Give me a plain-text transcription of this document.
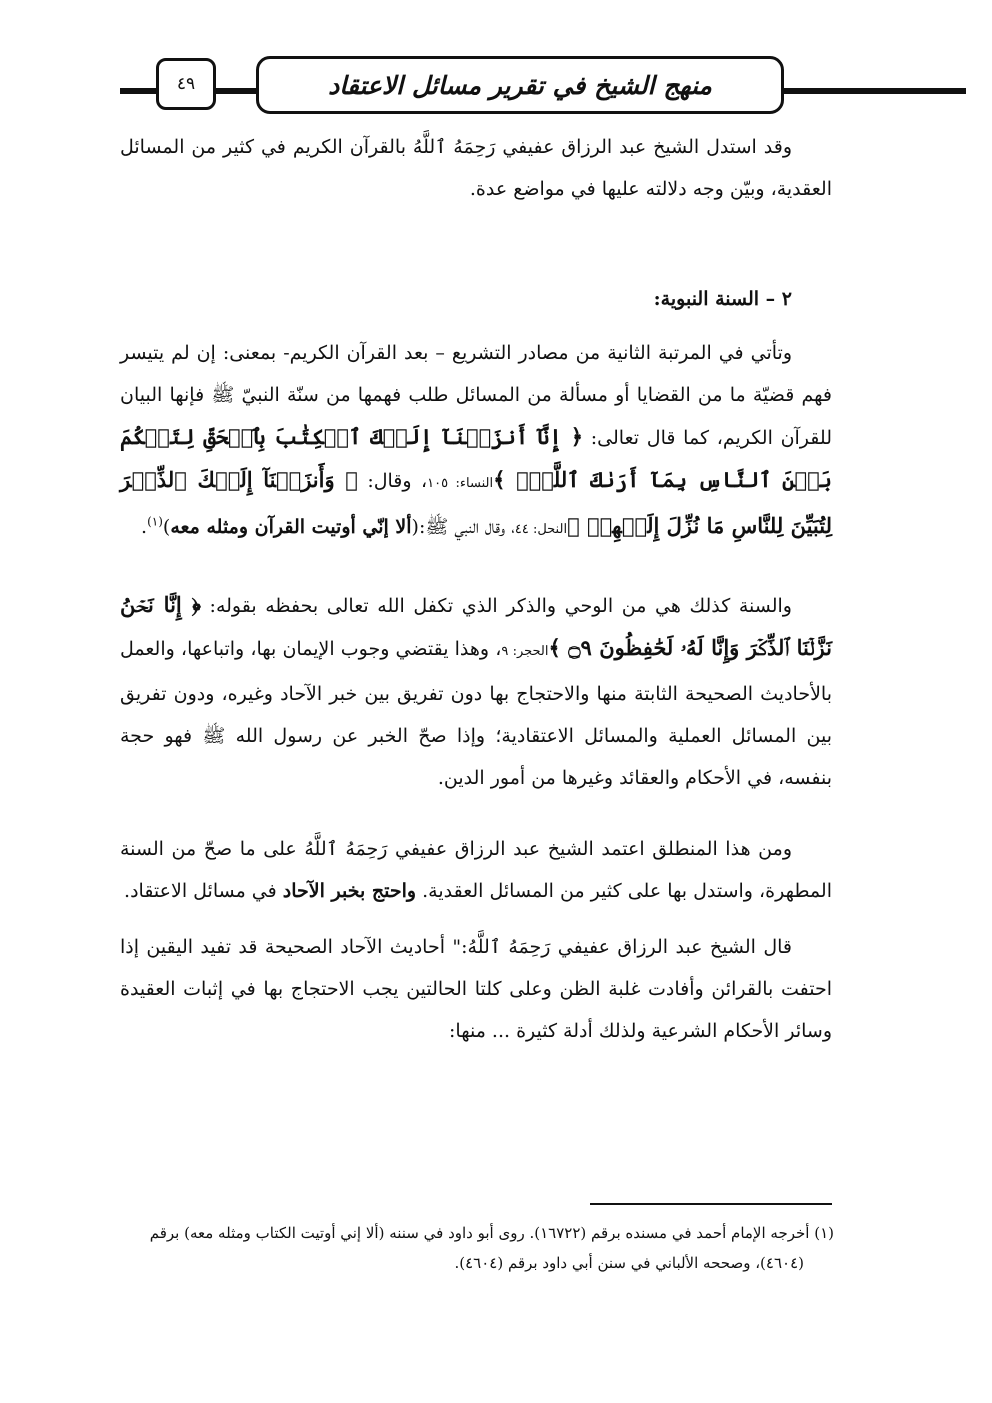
٤٩	منهج الشيخ في تقرير مسائل الاعتقاد

وقد استدل الشيخ عبد الرزاق عفيفي رَحِمَهُ ٱللَّهُ بالقرآن الكريم في كثير من المسائل العقدية، وبيّن وجه دلالته عليها في مواضع عدة.

٢ – السنة النبوية:

وتأتي في المرتبة الثانية من مصادر التشريع – بعد القرآن الكريم- بمعنى: إن لم يتيسر فهم قضيّة ما من القضايا أو مسألة من المسائل طلب فهمها من سنّة النبيّ ﷺ فإنها البيان للقرآن الكريم، كما قال تعالى: ﴿ إِنَّآ أَنزَلۡنَآ إِلَيۡكَ ٱلۡكِتَٰبَ بِٱلۡحَقِّ لِتَحۡكُمَ بَيۡنَ ٱلنَّاسِ بِمَآ أَرَىٰكَ ٱللَّهُۚ ﴾النساء: ١٠٥، وقال: ﴿ وَأَنزَلۡنَآ إِلَيۡكَ ٱلذِّكۡرَ لِتُبَيِّنَ لِلنَّاسِ مَا نُزِّلَ إِلَيۡهِمۡ ﴾النحل: ٤٤، وقال النبي ﷺ:(ألا إنّي أوتيت القرآن ومثله معه)$^{(١)}$.

والسنة كذلك هي من الوحي والذكر الذي تكفل الله تعالى بحفظه بقوله: ﴿ إِنَّا نَحۡنُ نَزَّلۡنَا ٱلذِّكۡرَ وَإِنَّا لَهُۥ لَحَٰفِظُونَ ۝٩ ﴾الحجر: ٩، وهذا يقتضي وجوب الإيمان بها، واتباعها، والعمل بالأحاديث الصحيحة الثابتة منها والاحتجاج بها دون تفريق بين خبر الآحاد وغيره، ودون تفريق بين المسائل العملية والمسائل الاعتقادية؛ وإذا صحّ الخبر عن رسول الله ﷺ فهو حجة بنفسه، في الأحكام والعقائد وغيرها من أمور الدين.

ومن هذا المنطلق اعتمد الشيخ عبد الرزاق عفيفي رَحِمَهُ ٱللَّهُ على ما صحّ من السنة المطهرة، واستدل بها على كثير من المسائل العقدية. واحتج بخبر الآحاد في مسائل الاعتقاد.

قال الشيخ عبد الرزاق عفيفي رَحِمَهُ ٱللَّهُ:" أحاديث الآحاد الصحيحة قد تفيد اليقين إذا احتفت بالقرائن وأفادت غلبة الظن وعلى كلتا الحالتين يجب الاحتجاج بها في إثبات العقيدة وسائر الأحكام الشرعية ولذلك أدلة كثيرة ... منها:

(١) أخرجه الإمام أحمد في مسنده برقم (١٦٧٢٢). روى أبو داود في سننه (ألا إني أوتيت الكتاب ومثله معه) برقم
(٤٦٠٤)، وصححه الألباني في سنن أبي داود برقم (٤٦٠٤).
